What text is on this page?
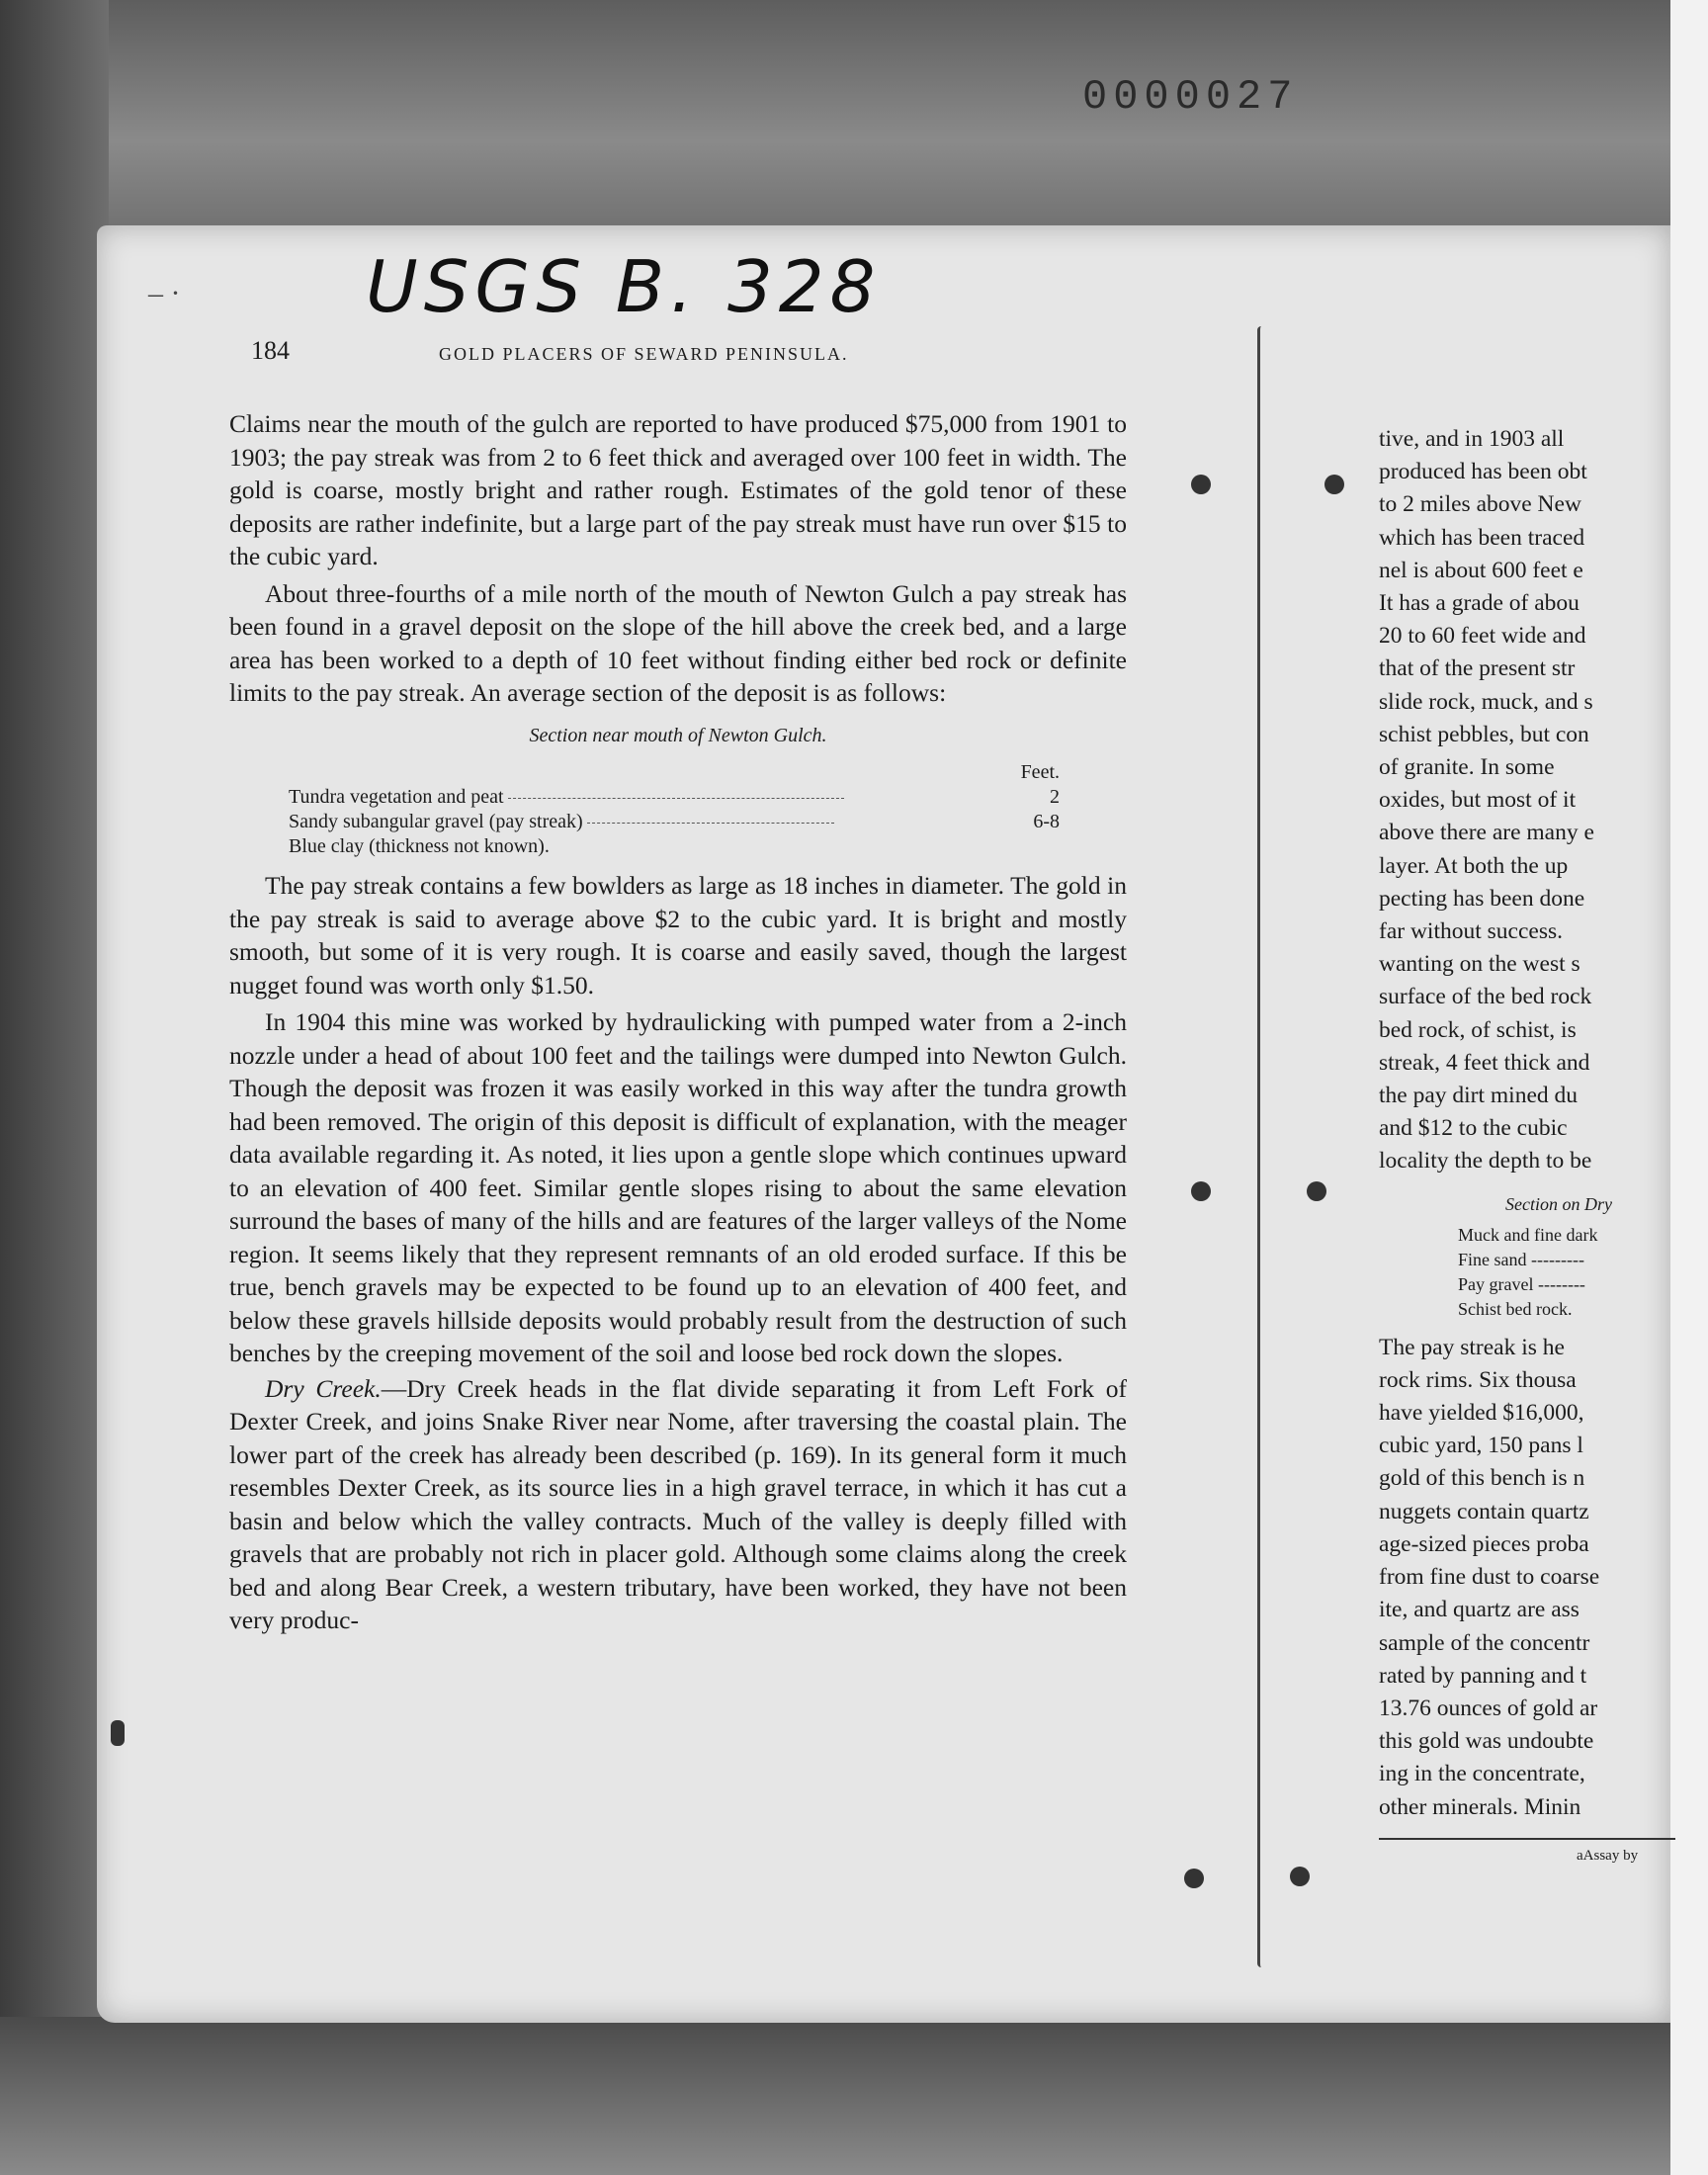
0000027
– ·	USGS B. 328
184	GOLD PLACERS OF SEWARD PENINSULA.

Claims near the mouth of the gulch are reported to have produced $75,000 from 1901 to 1903; the pay streak was from 2 to 6 feet thick and averaged over 100 feet in width. The gold is coarse, mostly bright and rather rough. Estimates of the gold tenor of these deposits are rather indefinite, but a large part of the pay streak must have run over $15 to the cubic yard.

About three-fourths of a mile north of the mouth of Newton Gulch a pay streak has been found in a gravel deposit on the slope of the hill above the creek bed, and a large area has been worked to a depth of 10 feet without finding either bed rock or definite limits to the pay streak. An average section of the deposit is as follows:

Section near mouth of Newton Gulch.
	Feet.
Tundra vegetation and peat	2
Sandy subangular gravel (pay streak)	6-8
Blue clay (thickness not known).	

The pay streak contains a few bowlders as large as 18 inches in diameter. The gold in the pay streak is said to average above $2 to the cubic yard. It is bright and mostly smooth, but some of it is very rough. It is coarse and easily saved, though the largest nugget found was worth only $1.50.

In 1904 this mine was worked by hydraulicking with pumped water from a 2-inch nozzle under a head of about 100 feet and the tailings were dumped into Newton Gulch. Though the deposit was frozen it was easily worked in this way after the tundra growth had been removed. The origin of this deposit is difficult of explanation, with the meager data available regarding it. As noted, it lies upon a gentle slope which continues upward to an elevation of 400 feet. Similar gentle slopes rising to about the same elevation surround the bases of many of the hills and are features of the larger valleys of the Nome region. It seems likely that they represent remnants of an old eroded surface. If this be true, bench gravels may be expected to be found up to an elevation of 400 feet, and below these gravels hillside deposits would probably result from the destruction of such benches by the creeping movement of the soil and loose bed rock down the slopes.

Dry Creek.—Dry Creek heads in the flat divide separating it from Left Fork of Dexter Creek, and joins Snake River near Nome, after traversing the coastal plain. The lower part of the creek has already been described (p. 169). In its general form it much resembles Dexter Creek, as its source lies in a high gravel terrace, in which it has cut a basin and below which the valley contracts. Much of the valley is deeply filled with gravels that are probably not rich in placer gold. Although some claims along the creek bed and along Bear Creek, a western tributary, have been worked, they have not been very produc-

tive, and in 1903 all
produced has been obt
to 2 miles above New
which has been traced
nel is about 600 feet e
It has a grade of abou
20 to 60 feet wide and
that of the present str
slide rock, muck, and s
schist pebbles, but con
of granite. In some
oxides, but most of it
above there are many e
layer. At both the up
pecting has been done
far without success.
wanting on the west s
surface of the bed rock
bed rock, of schist, is
streak, 4 feet thick and
the pay dirt mined du
and $12 to the cubic
locality the depth to be
Section on Dry
Muck and fine dark
Fine sand ---------
Pay gravel --------
Schist bed rock.
The pay streak is he
rock rims. Six thousa
have yielded $16,000,
cubic yard, 150 pans l
gold of this bench is n
nuggets contain quartz
age-sized pieces proba
from fine dust to coarse
ite, and quartz are ass
sample of the concentr
rated by panning and t
13.76 ounces of gold ar
this gold was undoubte
ing in the concentrate,
other minerals. Minin
aAssay by
